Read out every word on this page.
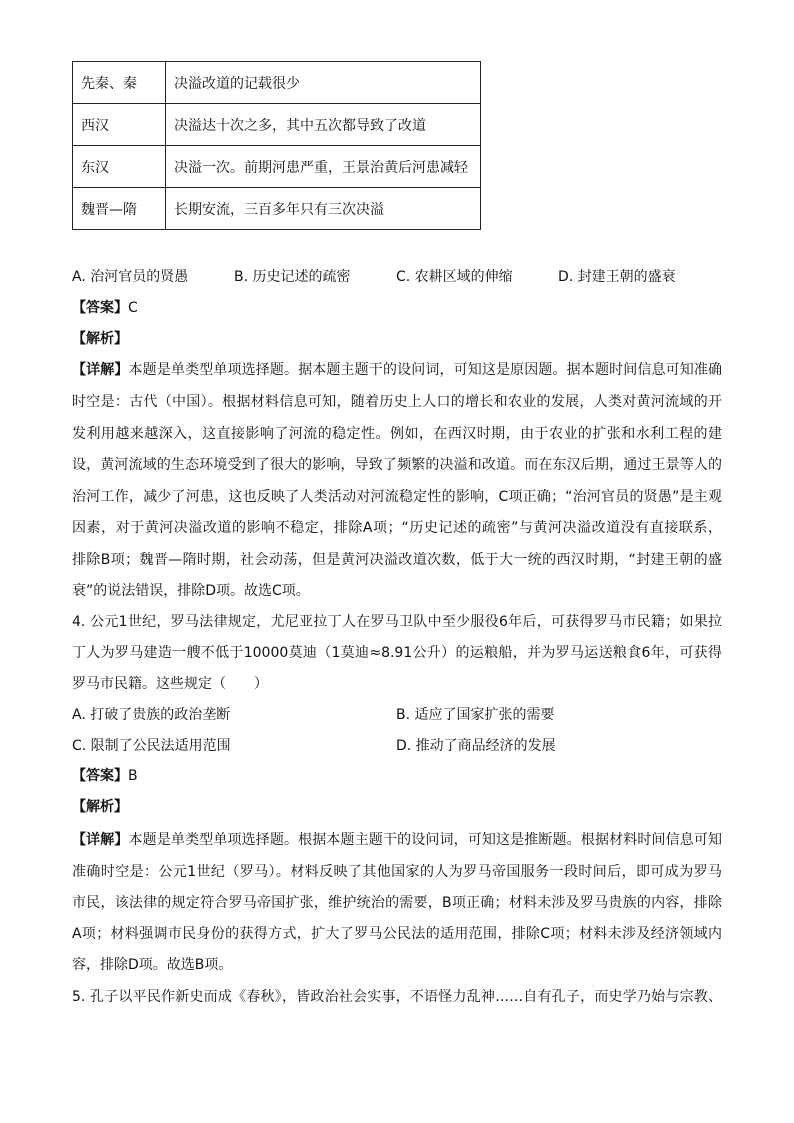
先秦、秦	决溢改道的记载很少
西汉	决溢达十次之多，其中五次都导致了改道
东汉	决溢一次。前期河患严重，王景治黄后河患减轻
魏晋—隋	长期安流，三百多年只有三次决溢
A. 治河官员的贤愚	B. 历史记述的疏密	C. 农耕区域的伸缩	D. 封建王朝的盛衰
【答案】C
【解析】
【详解】本题是单类型单项选择题。据本题主题干的设问词，可知这是原因题。据本题时间信息可知准确
时空是：古代（中国）。根据材料信息可知，随着历史上人口的增长和农业的发展，人类对黄河流域的开
发利用越来越深入，这直接影响了河流的稳定性。例如，在西汉时期，由于农业的扩张和水利工程的建
设，黄河流域的生态环境受到了很大的影响，导致了频繁的决溢和改道。而在东汉后期，通过王景等人的
治河工作，减少了河患，这也反映了人类活动对河流稳定性的影响，C项正确；“治河官员的贤愚”是主观
因素，对于黄河决溢改道的影响不稳定，排除A项；“历史记述的疏密”与黄河决溢改道没有直接联系，
排除B项；魏晋—隋时期，社会动荡，但是黄河决溢改道次数，低于大一统的西汉时期，“封建王朝的盛
衰”的说法错误，排除D项。故选C项。
4. 公元1世纪，罗马法律规定，尤尼亚拉丁人在罗马卫队中至少服役6年后，可获得罗马市民籍；如果拉
丁人为罗马建造一艘不低于10000莫迪（1莫迪≈8.91公升）的运粮船，并为罗马运送粮食6年，可获得
罗马市民籍。这些规定（　　）
A. 打破了贵族的政治垄断	B. 适应了国家扩张的需要
C. 限制了公民法适用范围	D. 推动了商品经济的发展
【答案】B
【解析】
【详解】本题是单类型单项选择题。根据本题主题干的设问词，可知这是推断题。根据材料时间信息可知
准确时空是：公元1世纪（罗马）。材料反映了其他国家的人为罗马帝国服务一段时间后，即可成为罗马
市民，该法律的规定符合罗马帝国扩张，维护统治的需要，B项正确；材料未涉及罗马贵族的内容，排除
A项；材料强调市民身份的获得方式，扩大了罗马公民法的适用范围，排除C项；材料未涉及经济领域内
容，排除D项。故选B项。
5. 孔子以平民作新史而成《春秋》，皆政治社会实事，不语怪力乱神……自有孔子，而史学乃始与宗教、
